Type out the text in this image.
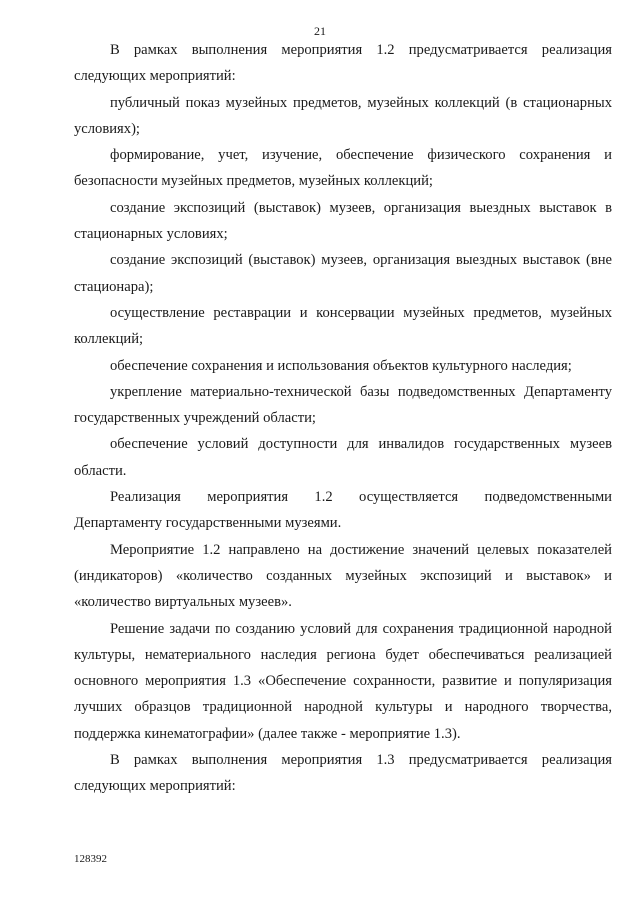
21

В рамках выполнения мероприятия 1.2 предусматривается реализация следующих мероприятий:

публичный показ музейных предметов, музейных коллекций (в стационарных условиях);

формирование, учет, изучение, обеспечение физического сохранения и безопасности музейных предметов, музейных коллекций;

создание экспозиций (выставок) музеев, организация выездных выставок в стационарных условиях;

создание экспозиций (выставок) музеев, организация выездных выставок (вне стационара);

осуществление реставрации и консервации музейных предметов, музейных коллекций;

обеспечение сохранения и использования объектов культурного наследия;

укрепление материально-технической базы подведомственных Департаменту государственных учреждений области;

обеспечение условий доступности для инвалидов государственных музеев области.

Реализация мероприятия 1.2 осуществляется подведомственными Департаменту государственными музеями.

Мероприятие 1.2 направлено на достижение значений целевых показателей (индикаторов) «количество созданных музейных экспозиций и выставок» и «количество виртуальных музеев».

Решение задачи по созданию условий для сохранения традиционной народной культуры, нематериального наследия региона будет обеспечиваться реализацией основного мероприятия 1.3 «Обеспечение сохранности, развитие и популяризация лучших образцов традиционной народной культуры и народного творчества, поддержка кинематографии» (далее также - мероприятие 1.3).

В рамках выполнения мероприятия 1.3 предусматривается реализация следующих мероприятий:

128392
